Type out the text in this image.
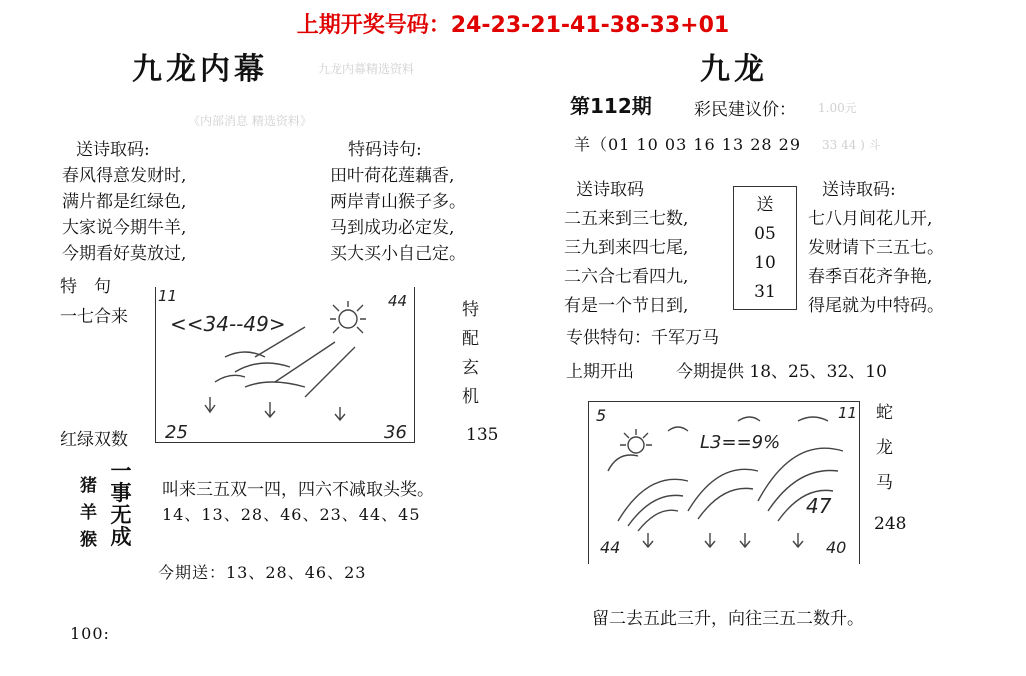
上期开奖号码：24-23-21-41-38-33+01
九龙内幕	九龙内幕精选资料
《内部消息 精选资料》
送诗取码:
春风得意发财时,
满片都是红绿色,
大家说今期牛羊,
今期看好莫放过,
特码诗句:
田叶荷花莲藕香,
两岸青山猴子多。
马到成功必定发,
买大买小自己定。
特　句
一七合来
11	44
<<34--49>
25	36
特
配
玄
机
红绿双数	135
猪
羊
猴
一
事
无
成
叫来三五双一四，四六不减取头奖。
14、13、28、46、23、44、45
今期送：13、28、46、23
100:
九龙
第112期 彩民建议价： 1.00元
羊（01 10 03 16 13 28 29 33 44 ) 斗
送诗取码
二五来到三七数,
三九到来四七尾,
二六合七看四九,
有是一个节日到,
送
05
10
31
送诗取码:
七八月间花儿开,
发财请下三五七。
春季百花齐争艳,
得尾就为中特码。
专供特句：千军万马
上期开出 今期提供 18、25、32、10
5	11
L3==9%
47
44	40
蛇
龙
马
248
留二去五此三升，向往三五二数升。
